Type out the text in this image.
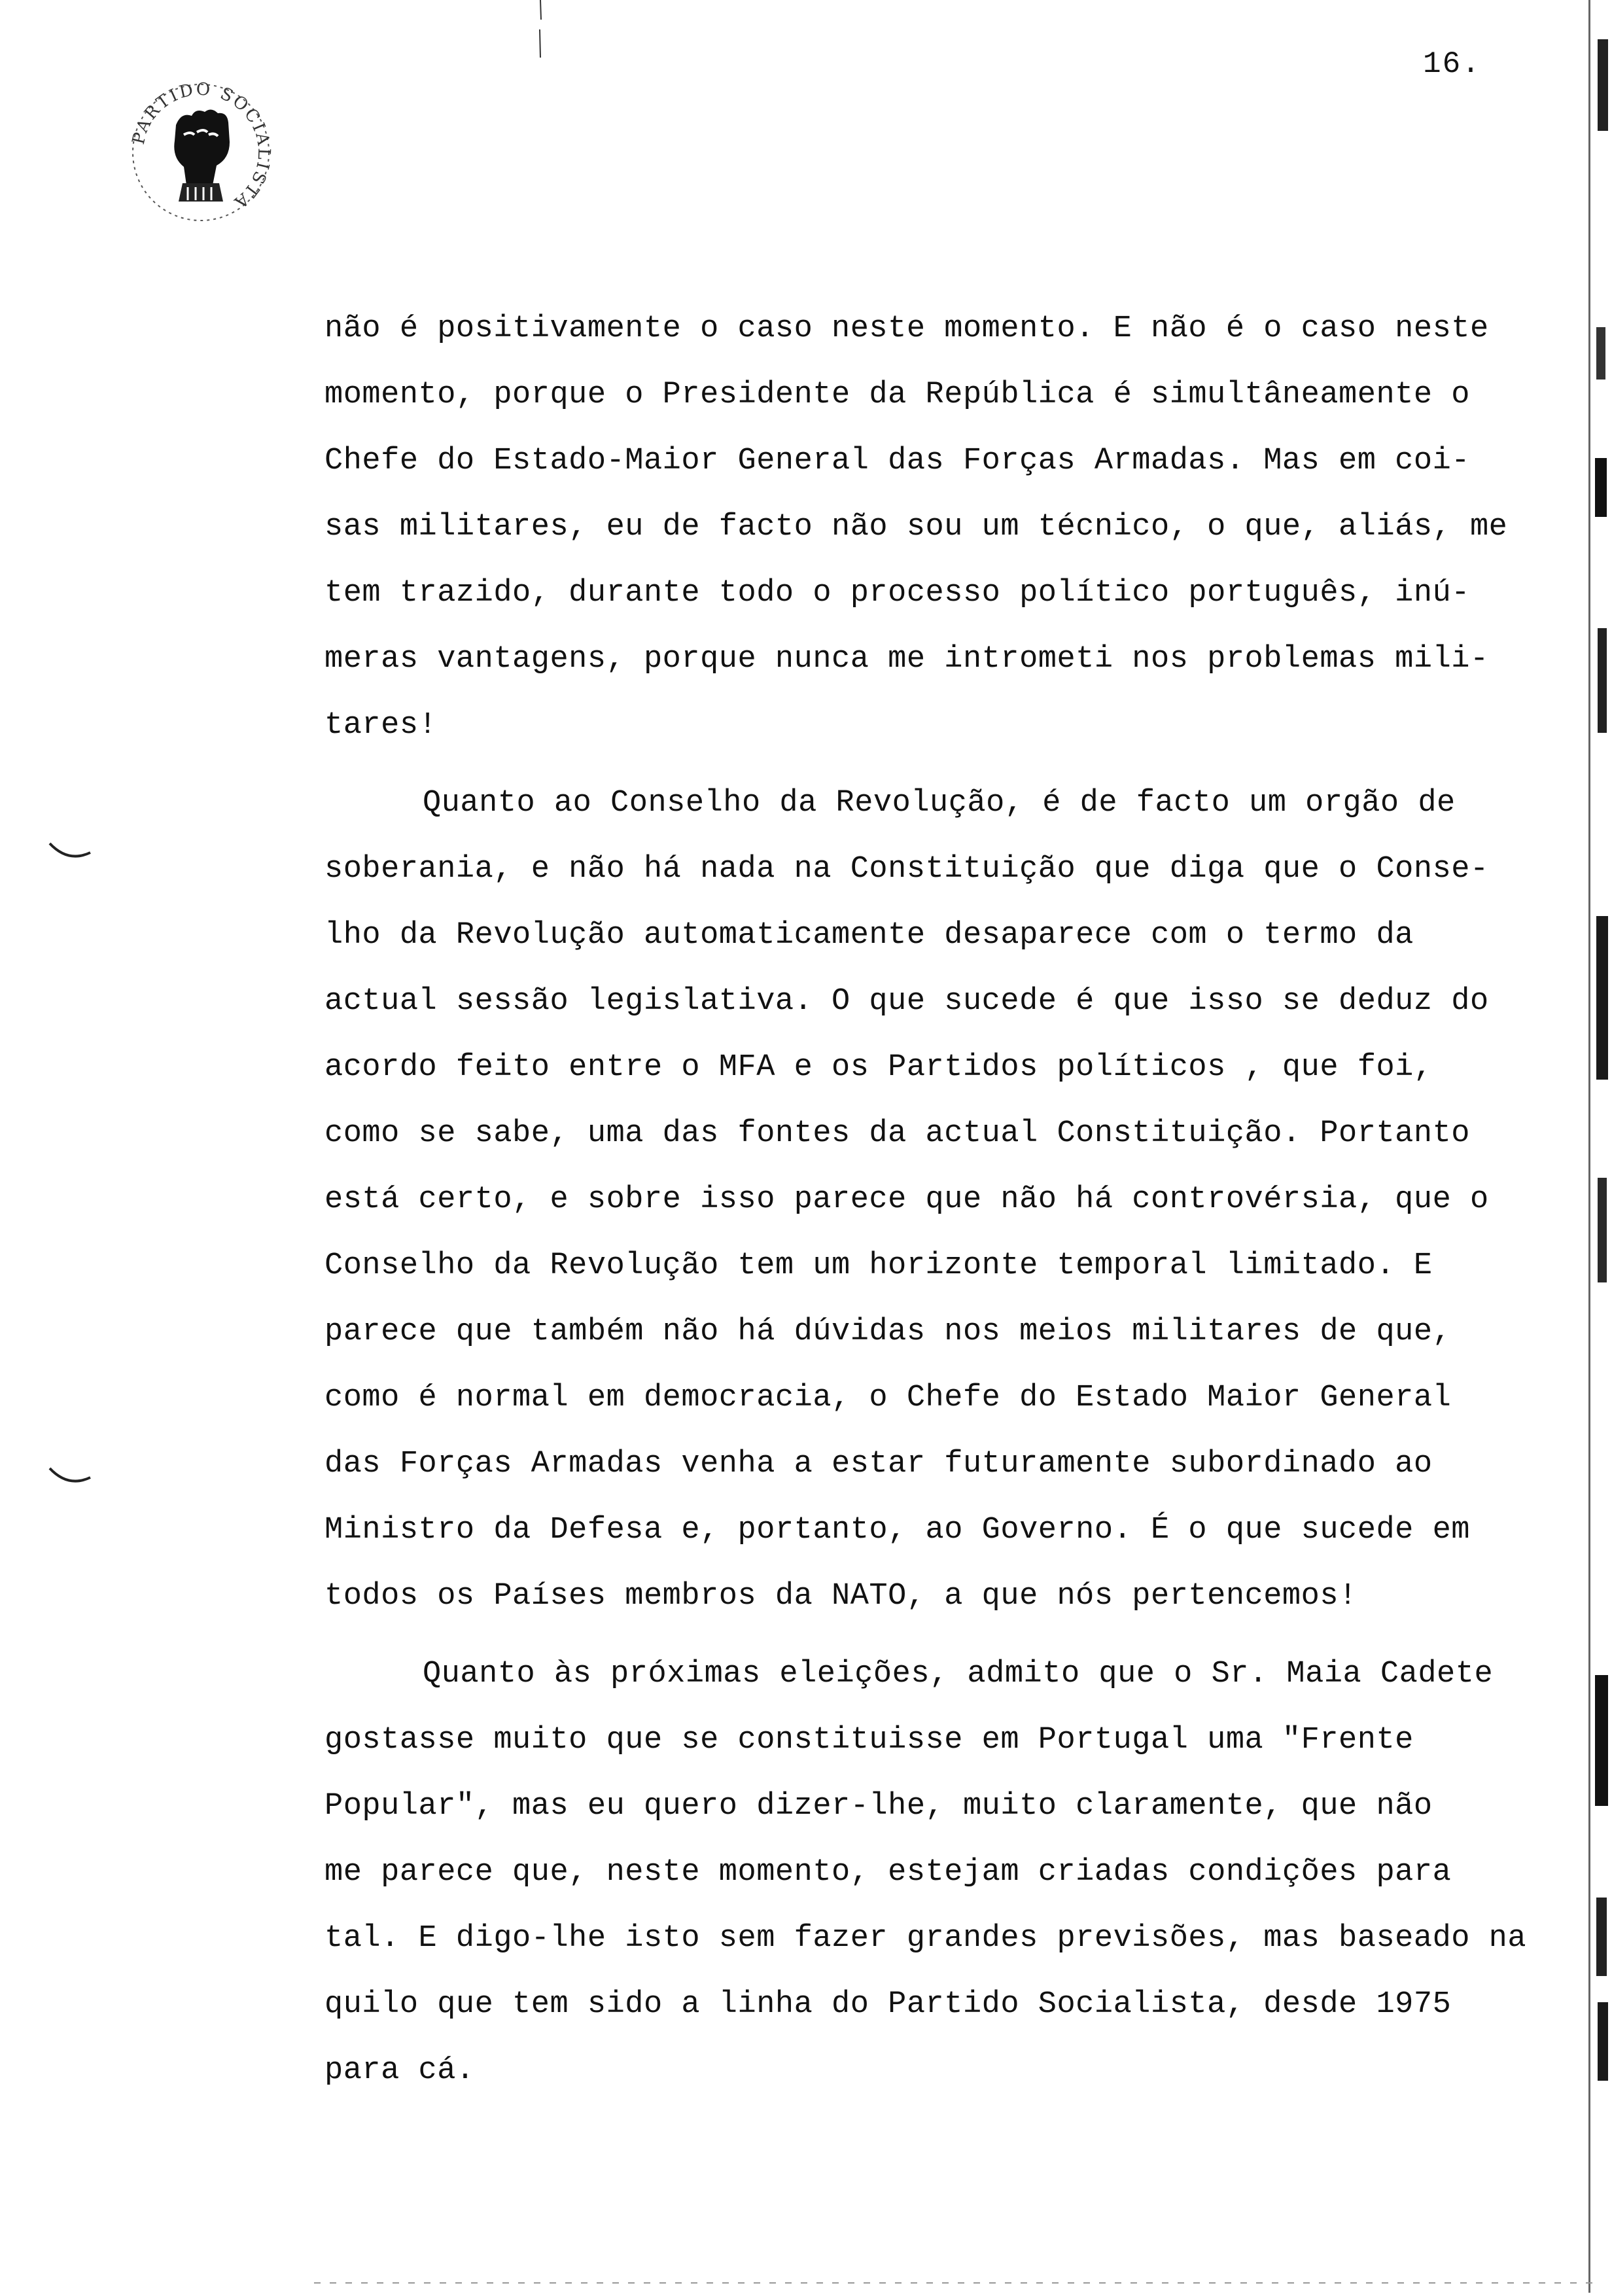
PARTIDO SOCIALISTA
16.
não é positivamente o caso neste momento. E não é o caso neste
momento, porque o Presidente da República é simultâneamente o
Chefe do Estado-Maior General das Forças Armadas. Mas em coi-
sas militares, eu de facto não sou um técnico, o que, aliás, me
tem trazido, durante todo o processo político português, inú-
meras vantagens, porque nunca me intrometi nos problemas mili-
tares!
Quanto ao Conselho da Revolução, é de facto um orgão de
soberania, e não há nada na Constituição que diga que o Conse-
lho da Revolução automaticamente desaparece com o termo da
actual sessão legislativa. O que sucede é que isso se deduz do
acordo feito entre o MFA e os Partidos políticos , que foi,
como se sabe, uma das fontes da actual Constituição. Portanto
está certo, e sobre isso parece que não há controvérsia, que o
Conselho da Revolução tem um horizonte temporal limitado. E
parece que também não há dúvidas nos meios militares de que,
como é normal em democracia, o Chefe do Estado Maior General
das Forças Armadas venha a estar futuramente subordinado ao
Ministro da Defesa e, portanto, ao Governo. É o que sucede em
todos os Países membros da NATO, a que nós pertencemos!
Quanto às próximas eleições, admito que o Sr. Maia Cadete
gostasse muito que se constituisse em Portugal uma "Frente
Popular", mas eu quero dizer-lhe, muito claramente, que não
me parece que, neste momento, estejam criadas condições para
tal. E digo-lhe isto sem fazer grandes previsões, mas baseado na
quilo que tem sido a linha do Partido Socialista, desde 1975
para cá.
